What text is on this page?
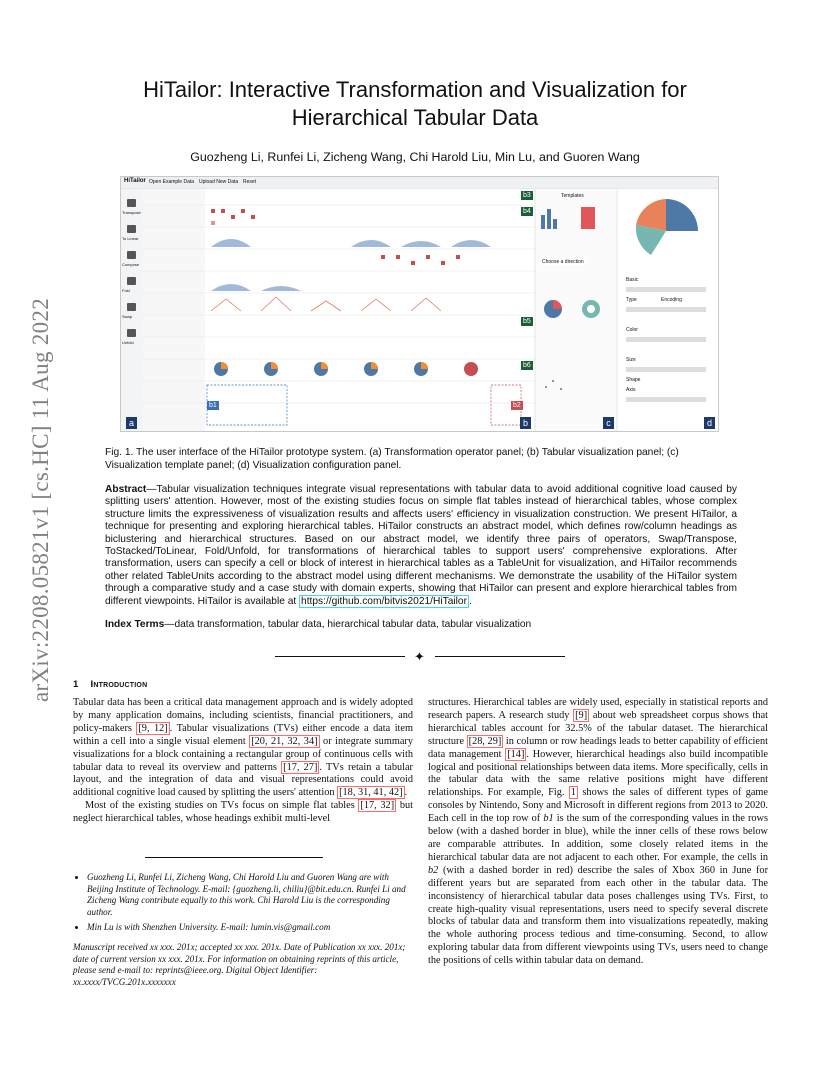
arXiv:2208.05821v1 [cs.HC] 11 Aug 2022
HiTailor: Interactive Transformation and Visualization for
Hierarchical Tabular Data
Guozheng Li, Runfei Li, Zicheng Wang, Chi Harold Liu, Min Lu, and Guoren Wang
HiTailor Open Example Data Upload New Data Reset
Transpose
To Linear
Compose
Fold
Swap
Unfold
Templates
Choose a direction
Basic
Type	Encoding
Color
Size
Shape
Axis
b3
b4
b5
b6
b1	b2
a	b	c	d
Fig. 1. The user interface of the HiTailor prototype system. (a) Transformation operator panel; (b) Tabular visualization panel; (c) Visualization template panel; (d) Visualization configuration panel.
Abstract—Tabular visualization techniques integrate visual representations with tabular data to avoid additional cognitive load caused by splitting users' attention. However, most of the existing studies focus on simple flat tables instead of hierarchical tables, whose complex structure limits the expressiveness of visualization results and affects users' efficiency in visualization construction. We present HiTailor, a technique for presenting and exploring hierarchical tables. HiTailor constructs an abstract model, which defines row/column headings as biclustering and hierarchical structures. Based on our abstract model, we identify three pairs of operators, Swap/Transpose, ToStacked/ToLinear, Fold/Unfold, for transformations of hierarchical tables to support users' comprehensive explorations. After transformation, users can specify a cell or block of interest in hierarchical tables as a TableUnit for visualization, and HiTailor recommends other related TableUnits according to the abstract model using different mechanisms. We demonstrate the usability of the HiTailor system through a comparative study and a case study with domain experts, showing that HiTailor can present and explore hierarchical tables from different viewpoints. HiTailor is available at https://github.com/bitvis2021/HiTailor .
Index Terms—data transformation, tabular data, hierarchical tabular data, tabular visualization
✦
1 Introduction

Tabular data has been a critical data management approach and is widely adopted by many application domains, including scientists, financial practitioners, and policy-makers [9, 12] . Tabular visualizations (TVs) either encode a data item within a cell into a single visual element [20, 21, 32, 34] or integrate summary visualizations for a block containing a rectangular group of continuous cells with tabular data to reveal its overview and patterns [17, 27] . TVs retain a tabular layout, and the integration of data and visual representations could avoid additional cognitive load caused by splitting the users' attention [18, 31, 41, 42] .

Most of the existing studies on TVs focus on simple flat tables [17, 32] but neglect hierarchical tables, whose headings exhibit multi-level

• Guozheng Li, Runfei Li, Zicheng Wang, Chi Harold Liu and Guoren Wang are with Beijing Institute of Technology. E-mail: {guozheng.li, chiliu}@bit.edu.cn. Runfei Li and Zicheng Wang contribute equally to this work. Chi Harold Liu is the corresponding author.
• Min Lu is with Shenzhen University. E-mail: lumin.vis@gmail.com
Manuscript received xx xxx. 201x; accepted xx xxx. 201x. Date of Publication xx xxx. 201x; date of current version xx xxx. 201x. For information on obtaining reprints of this article, please send e-mail to: reprints@ieee.org. Digital Object Identifier: xx.xxxx/TVCG.201x.xxxxxxx

structures. Hierarchical tables are widely used, especially in statistical reports and research papers. A research study [9] about web spreadsheet corpus shows that hierarchical tables account for 32.5% of the tabular dataset. The hierarchical structure [28, 29] in column or row headings leads to better capability of efficient data management [14] . However, hierarchical headings also build incompatible logical and positional relationships between data items. More specifically, cells in the tabular data with the same relative positions might have different relationships. For example, Fig. 1 shows the sales of different types of game consoles by Nintendo, Sony and Microsoft in different regions from 2013 to 2020. Each cell in the top row of b1 is the sum of the corresponding values in the rows below (with a dashed border in blue), while the inner cells of these rows below are comparable attributes. In addition, some closely related items in the hierarchical tabular data are not adjacent to each other. For example, the cells in b2 (with a dashed border in red) describe the sales of Xbox 360 in June for different years but are separated from each other in the tabular data. The inconsistency of hierarchical tabular data poses challenges using TVs. First, to create high-quality visual representations, users need to specify several discrete blocks of tabular data and transform them into visualizations repeatedly, making the whole authoring process tedious and time-consuming. Second, to allow exploring tabular data from different viewpoints using TVs, users need to change the positions of cells within tabular data on demand.
